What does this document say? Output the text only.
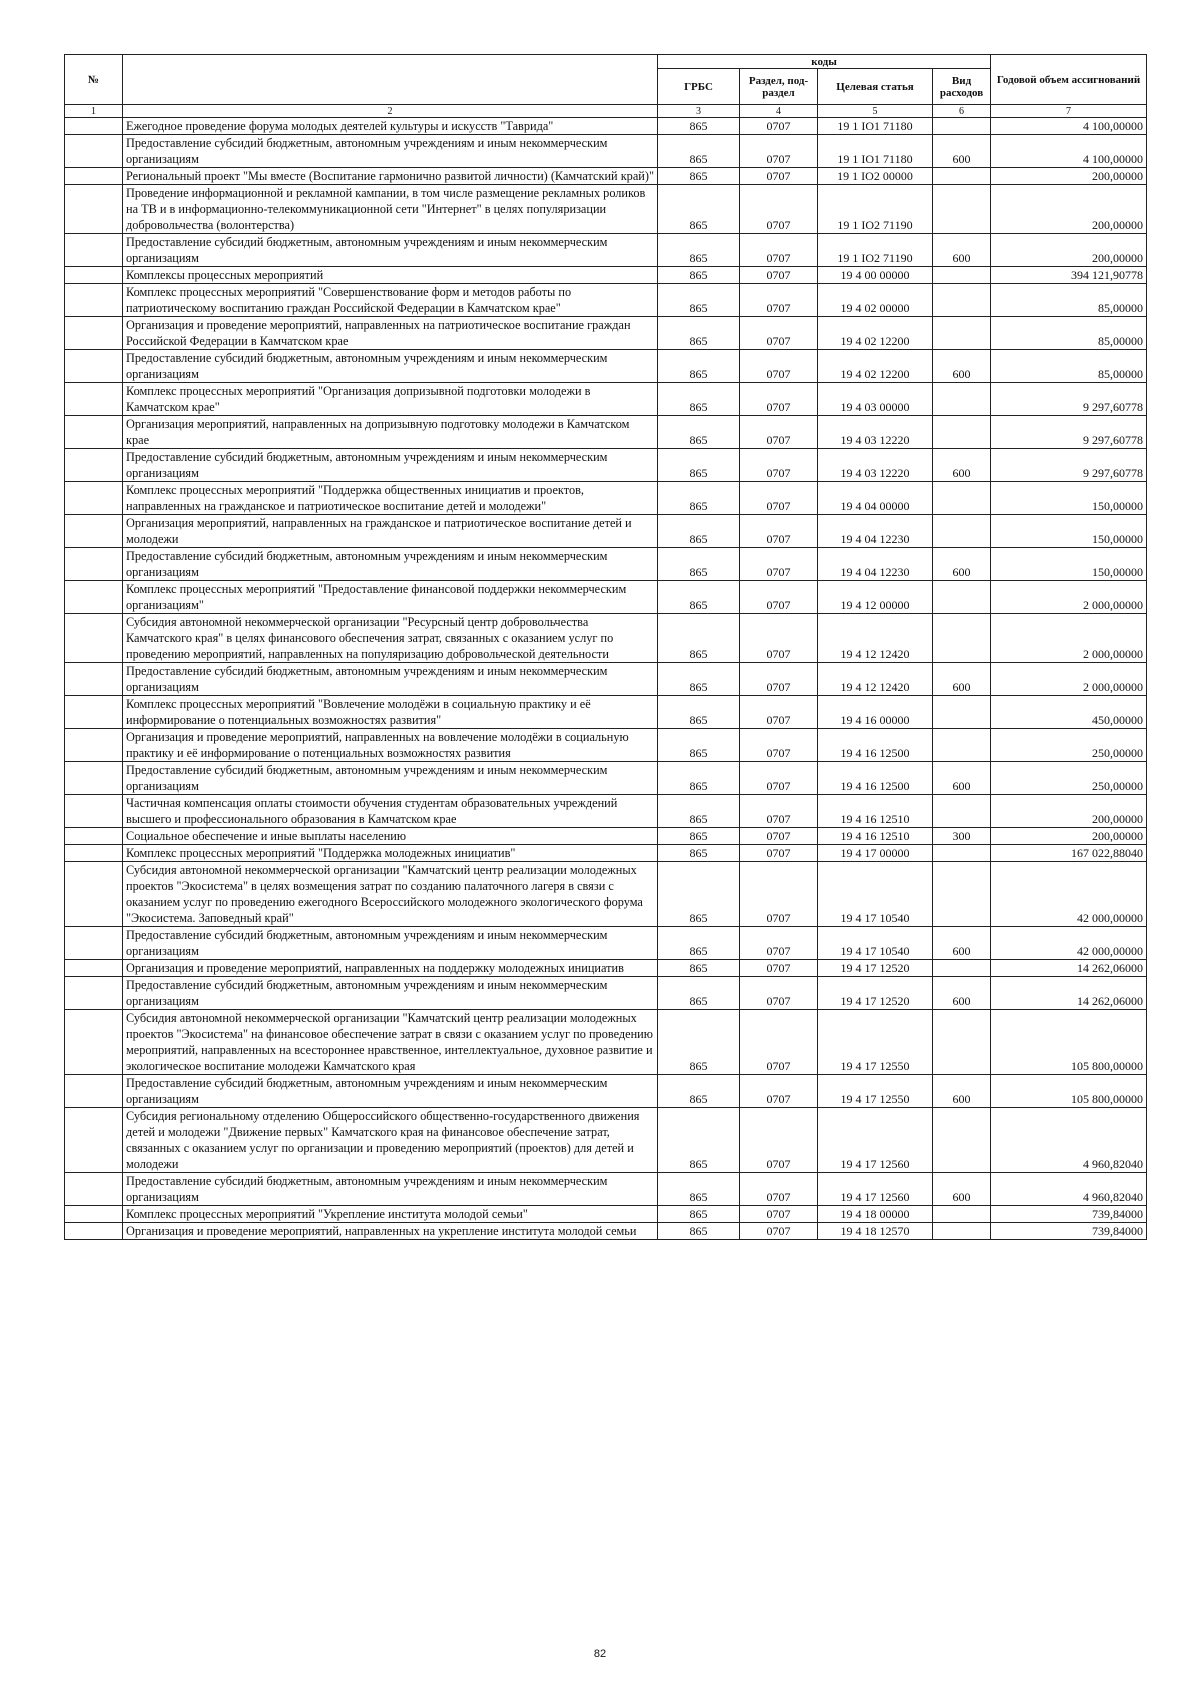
№		коды				Годовой объем ассигнований
		ГРБС	Раздел, под-раздел	Целевая статья	Вид расходов	
1	2	3	4	5	6	7
	Ежегодное проведение форума молодых деятелей культуры и искусств "Таврида"	865	0707	19 1 IO1 71180		4 100,00000
	Предоставление субсидий бюджетным, автономным учреждениям и иным некоммерческим организациям	865	0707	19 1 IO1 71180	600	4 100,00000
	Региональный проект "Мы вместе (Воспитание гармонично развитой личности) (Камчатский край)"	865	0707	19 1 IO2 00000		200,00000
	Проведение информационной и рекламной кампании, в том числе размещение рекламных роликов на ТВ и в информационно-телекоммуникационной сети "Интернет" в целях популяризации добровольчества (волонтерства)	865	0707	19 1 IO2 71190		200,00000
	Предоставление субсидий бюджетным, автономным учреждениям и иным некоммерческим организациям	865	0707	19 1 IO2 71190	600	200,00000
	Комплексы процессных мероприятий	865	0707	19 4 00 00000		394 121,90778
	Комплекс процессных мероприятий "Совершенствование форм и методов работы по патриотическому воспитанию граждан Российской Федерации в Камчатском крае"	865	0707	19 4 02 00000		85,00000
	Организация и проведение мероприятий, направленных на патриотическое воспитание граждан Российской Федерации в Камчатском крае	865	0707	19 4 02 12200		85,00000
	Предоставление субсидий бюджетным, автономным учреждениям и иным некоммерческим организациям	865	0707	19 4 02 12200	600	85,00000
	Комплекс процессных мероприятий "Организация допризывной подготовки молодежи в Камчатском крае"	865	0707	19 4 03 00000		9 297,60778
	Организация мероприятий, направленных на допризывную подготовку молодежи в Камчатском крае	865	0707	19 4 03 12220		9 297,60778
	Предоставление субсидий бюджетным, автономным учреждениям и иным некоммерческим организациям	865	0707	19 4 03 12220	600	9 297,60778
	Комплекс процессных мероприятий "Поддержка общественных инициатив и проектов, направленных на гражданское и патриотическое воспитание детей и молодежи"	865	0707	19 4 04 00000		150,00000
	Организация мероприятий, направленных на гражданское и патриотическое воспитание детей и молодежи	865	0707	19 4 04 12230		150,00000
	Предоставление субсидий бюджетным, автономным учреждениям и иным некоммерческим организациям	865	0707	19 4 04 12230	600	150,00000
	Комплекс процессных мероприятий "Предоставление финансовой поддержки некоммерческим организациям"	865	0707	19 4 12 00000		2 000,00000
	Субсидия автономной некоммерческой организации "Ресурсный центр добровольчества Камчатского края" в целях финансового обеспечения затрат, связанных с оказанием услуг по проведению мероприятий, направленных на популяризацию добровольческой деятельности	865	0707	19 4 12 12420		2 000,00000
	Предоставление субсидий бюджетным, автономным учреждениям и иным некоммерческим организациям	865	0707	19 4 12 12420	600	2 000,00000
	Комплекс процессных мероприятий "Вовлечение молодёжи в социальную практику и её информирование о потенциальных возможностях развития"	865	0707	19 4 16 00000		450,00000
	Организация и проведение мероприятий, направленных на вовлечение молодёжи в социальную практику и её информирование о потенциальных возможностях развития	865	0707	19 4 16 12500		250,00000
	Предоставление субсидий бюджетным, автономным учреждениям и иным некоммерческим организациям	865	0707	19 4 16 12500	600	250,00000
	Частичная компенсация оплаты стоимости обучения студентам образовательных учреждений высшего и профессионального образования в Камчатском крае	865	0707	19 4 16 12510		200,00000
	Социальное обеспечение и иные выплаты населению	865	0707	19 4 16 12510	300	200,00000
	Комплекс процессных мероприятий "Поддержка молодежных инициатив"	865	0707	19 4 17 00000		167 022,88040
	Субсидия автономной некоммерческой организации "Камчатский центр реализации молодежных проектов "Экосистема" в целях возмещения затрат по созданию палаточного лагеря в связи с оказанием услуг по проведению ежегодного Всероссийского молодежного экологического форума "Экосистема. Заповедный край"	865	0707	19 4 17 10540		42 000,00000
	Предоставление субсидий бюджетным, автономным учреждениям и иным некоммерческим организациям	865	0707	19 4 17 10540	600	42 000,00000
	Организация и проведение мероприятий, направленных на поддержку молодежных инициатив	865	0707	19 4 17 12520		14 262,06000
	Предоставление субсидий бюджетным, автономным учреждениям и иным некоммерческим организациям	865	0707	19 4 17 12520	600	14 262,06000
	Субсидия автономной некоммерческой организации "Камчатский центр реализации молодежных проектов "Экосистема" на финансовое обеспечение затрат в связи с оказанием услуг по проведению мероприятий, направленных на всестороннее нравственное, интеллектуальное, духовное развитие и экологическое воспитание молодежи Камчатского края	865	0707	19 4 17 12550		105 800,00000
	Предоставление субсидий бюджетным, автономным учреждениям и иным некоммерческим организациям	865	0707	19 4 17 12550	600	105 800,00000
	Субсидия региональному отделению Общероссийского общественно-государственного движения детей и молодежи "Движение первых" Камчатского края на финансовое обеспечение затрат, связанных с оказанием услуг по организации и проведению мероприятий (проектов) для детей и молодежи	865	0707	19 4 17 12560		4 960,82040
	Предоставление субсидий бюджетным, автономным учреждениям и иным некоммерческим организациям	865	0707	19 4 17 12560	600	4 960,82040
	Комплекс процессных мероприятий "Укрепление института молодой семьи"	865	0707	19 4 18 00000		739,84000
	Организация и проведение мероприятий, направленных на укрепление института молодой семьи	865	0707	19 4 18 12570		739,84000
82
